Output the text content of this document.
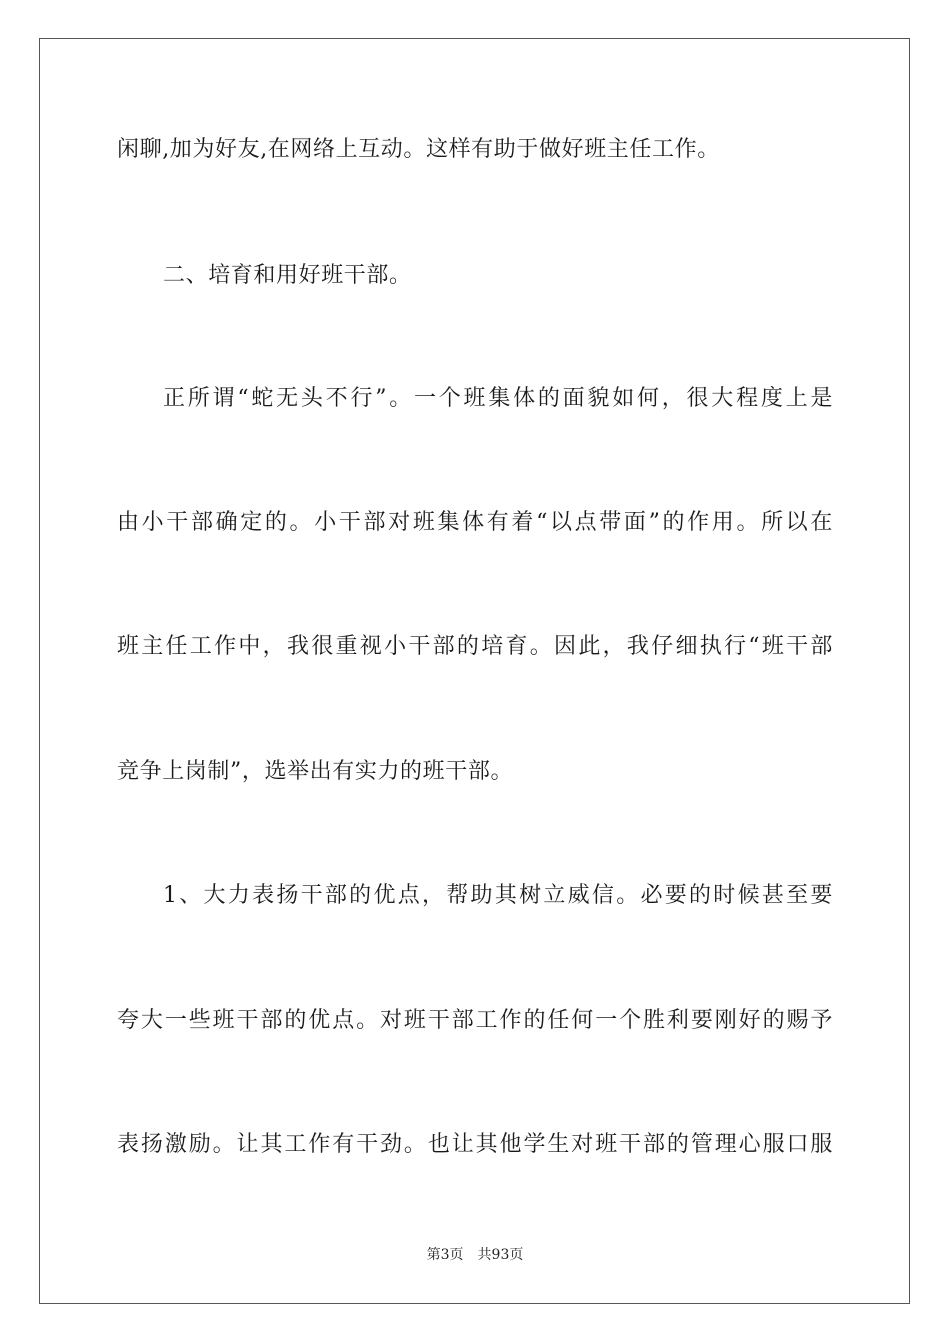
闲聊,加为好友,在网络上互动。这样有助于做好班主任工作。
二、培育和用好班干部。
正所谓“蛇无头不行”。一个班集体的面貌如何，很大程度上是
由小干部确定的。小干部对班集体有着“以点带面”的作用。所以在
班主任工作中，我很重视小干部的培育。因此，我仔细执行“班干部
竞争上岗制”，选举出有实力的班干部。
1、大力表扬干部的优点，帮助其树立威信。必要的时候甚至要
夸大一些班干部的优点。对班干部工作的任何一个胜利要刚好的赐予
表扬激励。让其工作有干劲。也让其他学生对班干部的管理心服口服
第3页 共93页
